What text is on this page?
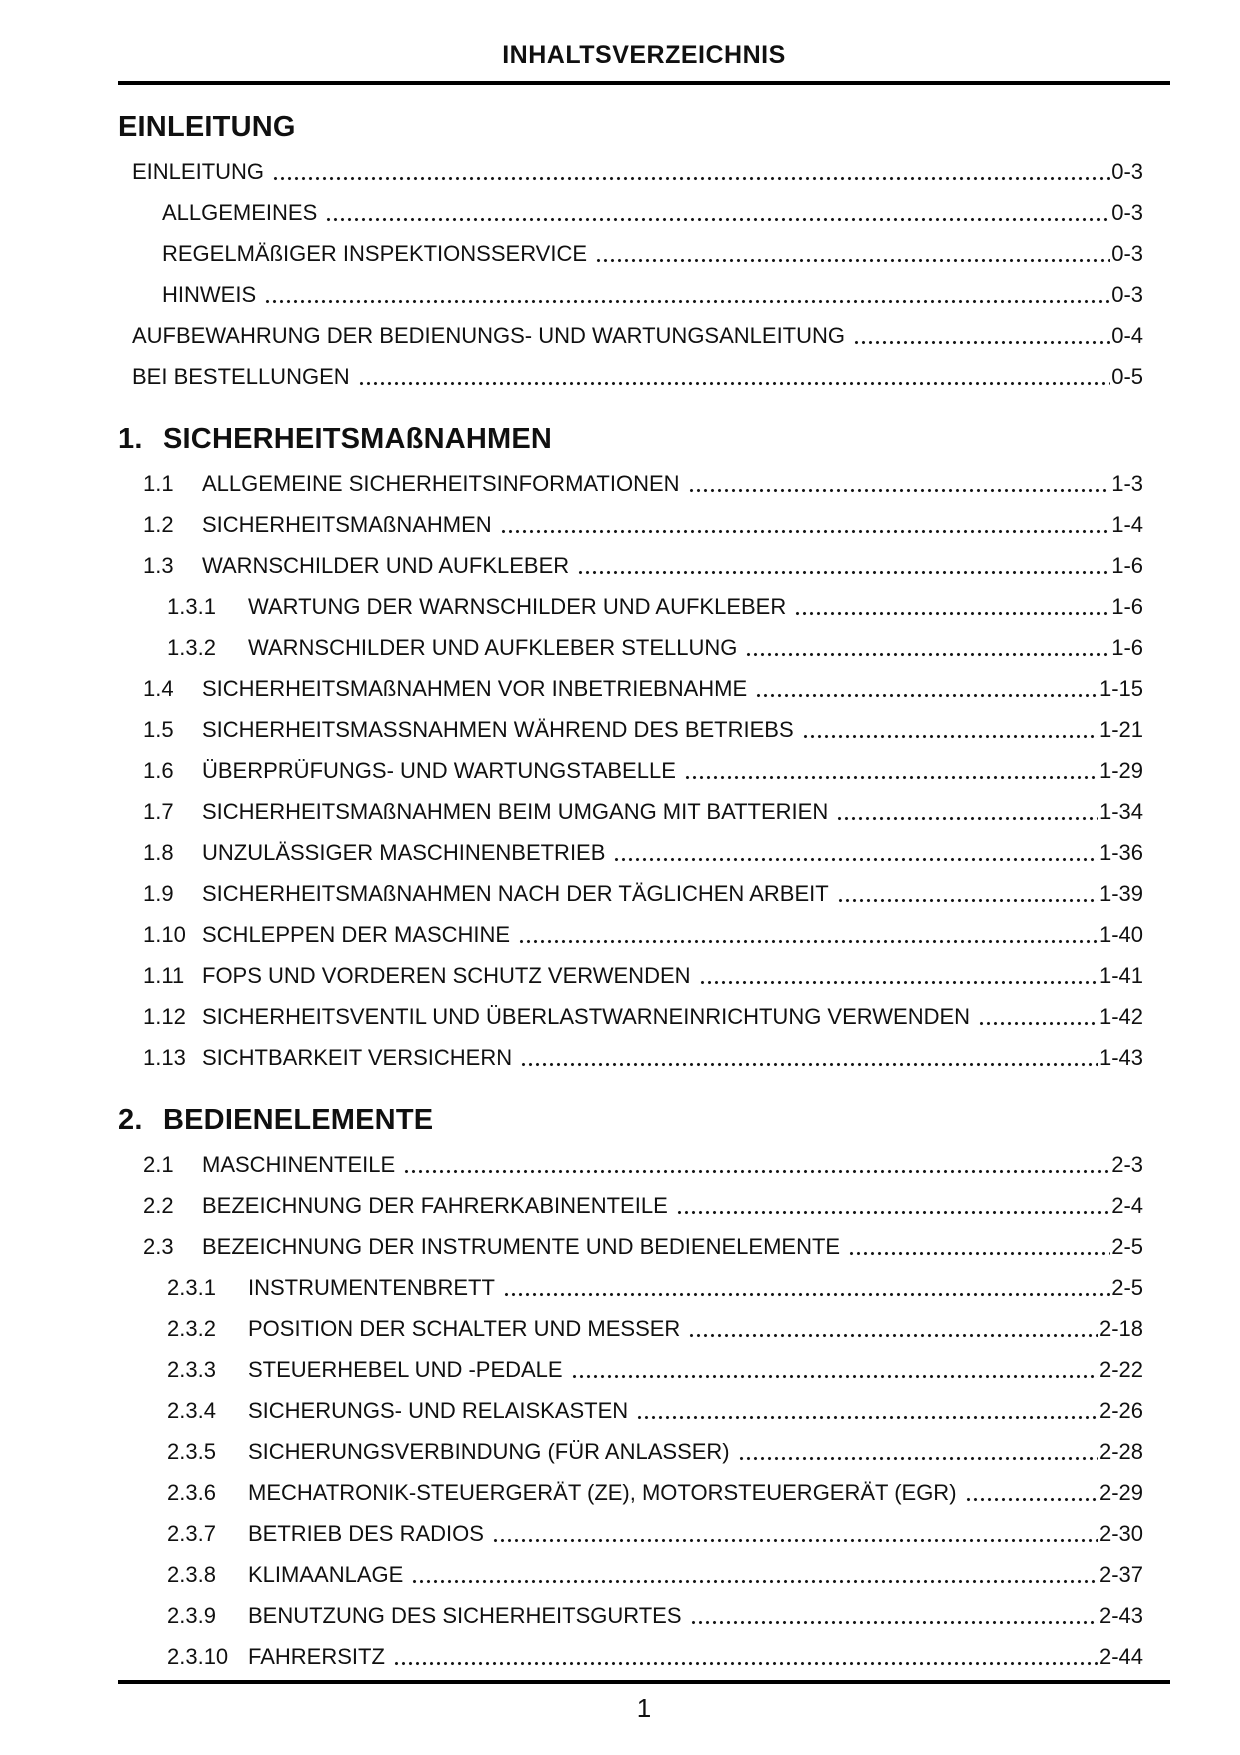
INHALTSVERZEICHNIS
EINLEITUNG
EINLEITUNG	0-3
ALLGEMEINES	0-3
REGELMÄßIGER INSPEKTIONSSERVICE	0-3
HINWEIS	0-3
AUFBEWAHRUNG DER BEDIENUNGS- UND WARTUNGSANLEITUNG	0-4
BEI BESTELLUNGEN	0-5
1. SICHERHEITSMAßNAHMEN
1.1	ALLGEMEINE SICHERHEITSINFORMATIONEN	1-3
1.2	SICHERHEITSMAßNAHMEN	1-4
1.3	WARNSCHILDER UND AUFKLEBER	1-6
1.3.1	WARTUNG DER WARNSCHILDER UND AUFKLEBER	1-6
1.3.2	WARNSCHILDER UND AUFKLEBER STELLUNG	1-6
1.4	SICHERHEITSMAßNAHMEN VOR INBETRIEBNAHME	1-15
1.5	SICHERHEITSMASSNAHMEN WÄHREND DES BETRIEBS	1-21
1.6	ÜBERPRÜFUNGS- UND WARTUNGSTABELLE	1-29
1.7	SICHERHEITSMAßNAHMEN BEIM UMGANG MIT BATTERIEN	1-34
1.8	UNZULÄSSIGER MASCHINENBETRIEB	1-36
1.9	SICHERHEITSMAßNAHMEN NACH DER TÄGLICHEN ARBEIT	1-39
1.10 SCHLEPPEN DER MASCHINE	1-40
1.11 FOPS UND VORDEREN SCHUTZ VERWENDEN	1-41
1.12 SICHERHEITSVENTIL UND ÜBERLASTWARNEINRICHTUNG VERWENDEN	1-42
1.13 SICHTBARKEIT VERSICHERN	1-43
2. BEDIENELEMENTE
2.1	MASCHINENTEILE	2-3
2.2	BEZEICHNUNG DER FAHRERKABINENTEILE	2-4
2.3	BEZEICHNUNG DER INSTRUMENTE UND BEDIENELEMENTE	2-5
2.3.1	INSTRUMENTENBRETT	2-5
2.3.2	POSITION DER SCHALTER UND MESSER	2-18
2.3.3	STEUERHEBEL UND -PEDALE	2-22
2.3.4	SICHERUNGS- UND RELAISKASTEN	2-26
2.3.5	SICHERUNGSVERBINDUNG (FÜR ANLASSER)	2-28
2.3.6	MECHATRONIK-STEUERGERÄT (ZE), MOTORSTEUERGERÄT (EGR)	2-29
2.3.7	BETRIEB DES RADIOS	2-30
2.3.8	KLIMAANLAGE	2-37
2.3.9	BENUTZUNG DES SICHERHEITSGURTES	2-43
2.3.10 FAHRERSITZ	2-44
1
